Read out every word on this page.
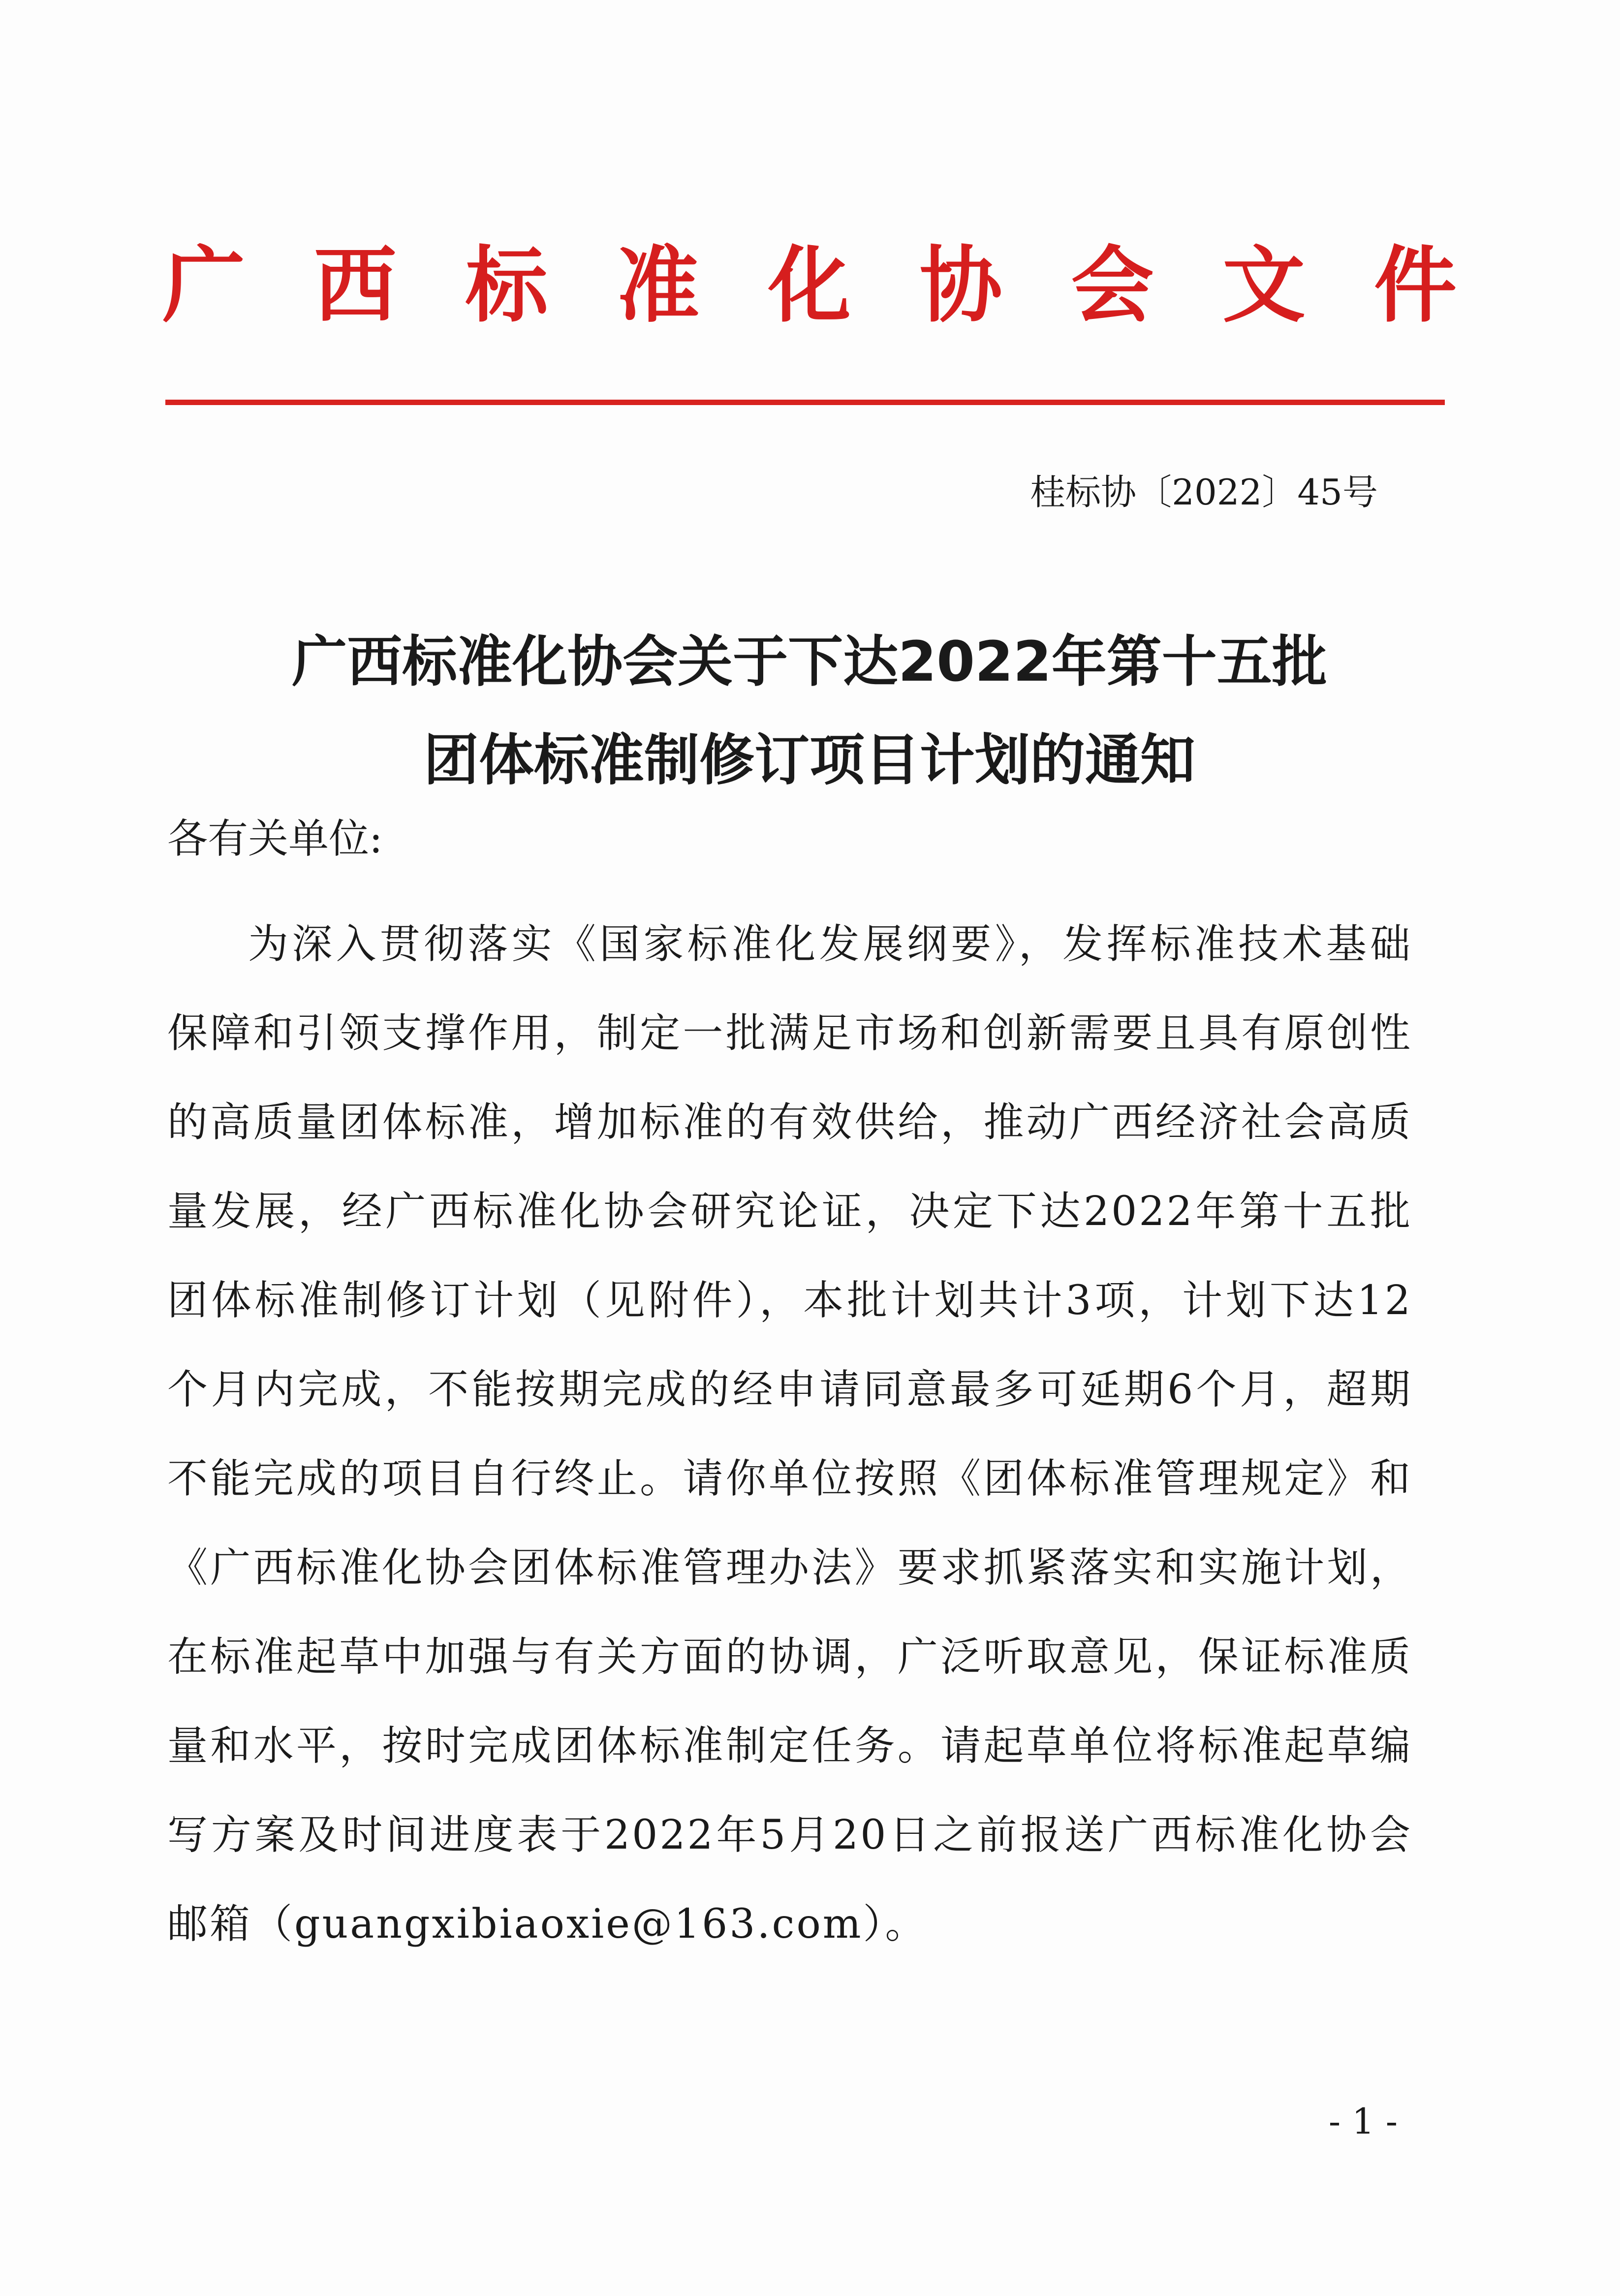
广 西 标 准 化 协 会 文 件
桂标协〔2022〕45号
广西标准化协会关于下达2022年第十五批
团体标准制修订项目计划的通知
各有关单位:
为深入贯彻落实《国家标准化发展纲要》，发挥标准技术基础保障和引领支撑作用，制定一批满足市场和创新需要且具有原创性的高质量团体标准，增加标准的有效供给，推动广西经济社会高质量发展，经广西标准化协会研究论证，决定下达2022年第十五批团体标准制修订计划（见附件），本批计划共计3项，计划下达12个月内完成，不能按期完成的经申请同意最多可延期6个月，超期不能完成的项目自行终止。请你单位按照《团体标准管理规定》和《广西标准化协会团体标准管理办法》要求抓紧落实和实施计划，在标准起草中加强与有关方面的协调，广泛听取意见，保证标准质量和水平，按时完成团体标准制定任务。请起草单位将标准起草编写方案及时间进度表于2022年5月20日之前报送广西标准化协会邮箱（guangxibiaoxie@163.com）。
- 1 -
